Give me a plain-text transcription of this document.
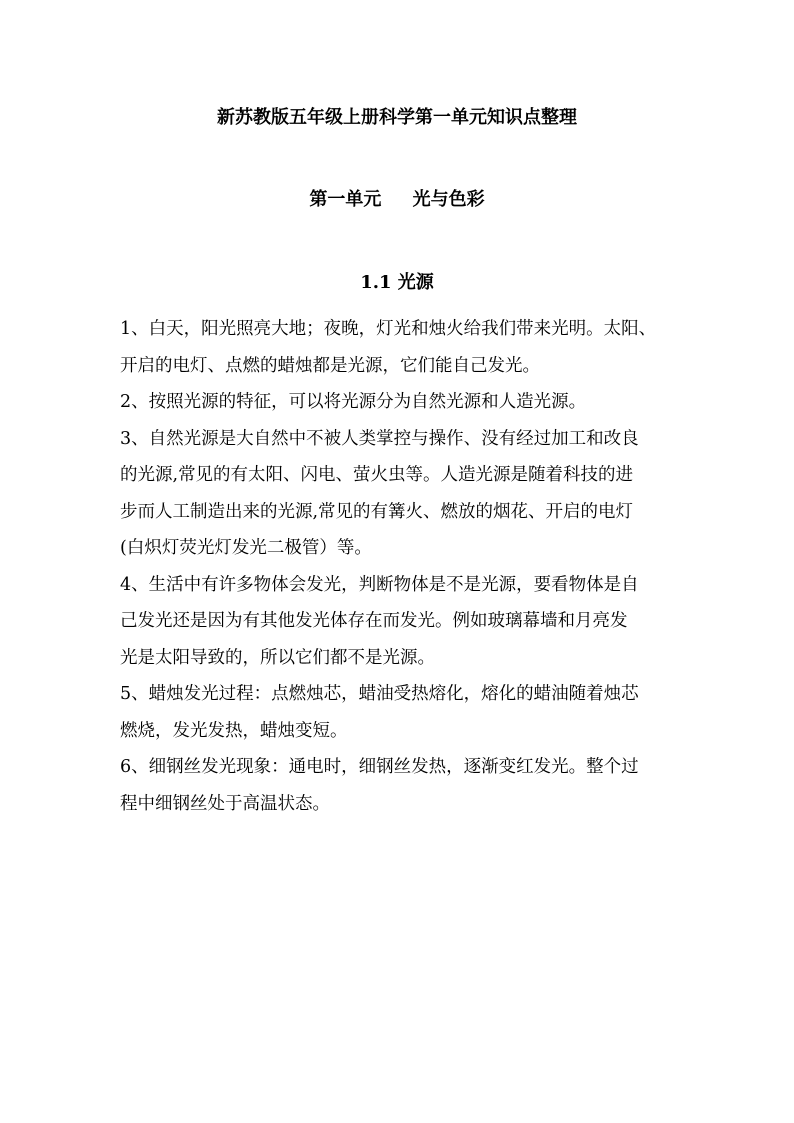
新苏教版五年级上册科学第一单元知识点整理
第一单元     光与色彩
1.1 光源
1、白天，阳光照亮大地；夜晚，灯光和烛火给我们带来光明。太阳、
开启的电灯、点燃的蜡烛都是光源，它们能自己发光。
2、按照光源的特征，可以将光源分为自然光源和人造光源。
3、自然光源是大自然中不被人类掌控与操作、没有经过加工和改良
的光源,常见的有太阳、闪电、萤火虫等。人造光源是随着科技的进
步而人工制造出来的光源,常见的有篝火、燃放的烟花、开启的电灯
(白炽灯荧光灯发光二极管）等。
4、生活中有许多物体会发光，判断物体是不是光源，要看物体是自
己发光还是因为有其他发光体存在而发光。例如玻璃幕墙和月亮发
光是太阳导致的，所以它们都不是光源。
5、蜡烛发光过程：点燃烛芯，蜡油受热熔化，熔化的蜡油随着烛芯
燃烧，发光发热，蜡烛变短。
6、细钢丝发光现象：通电时，细钢丝发热，逐渐变红发光。整个过
程中细钢丝处于高温状态。
